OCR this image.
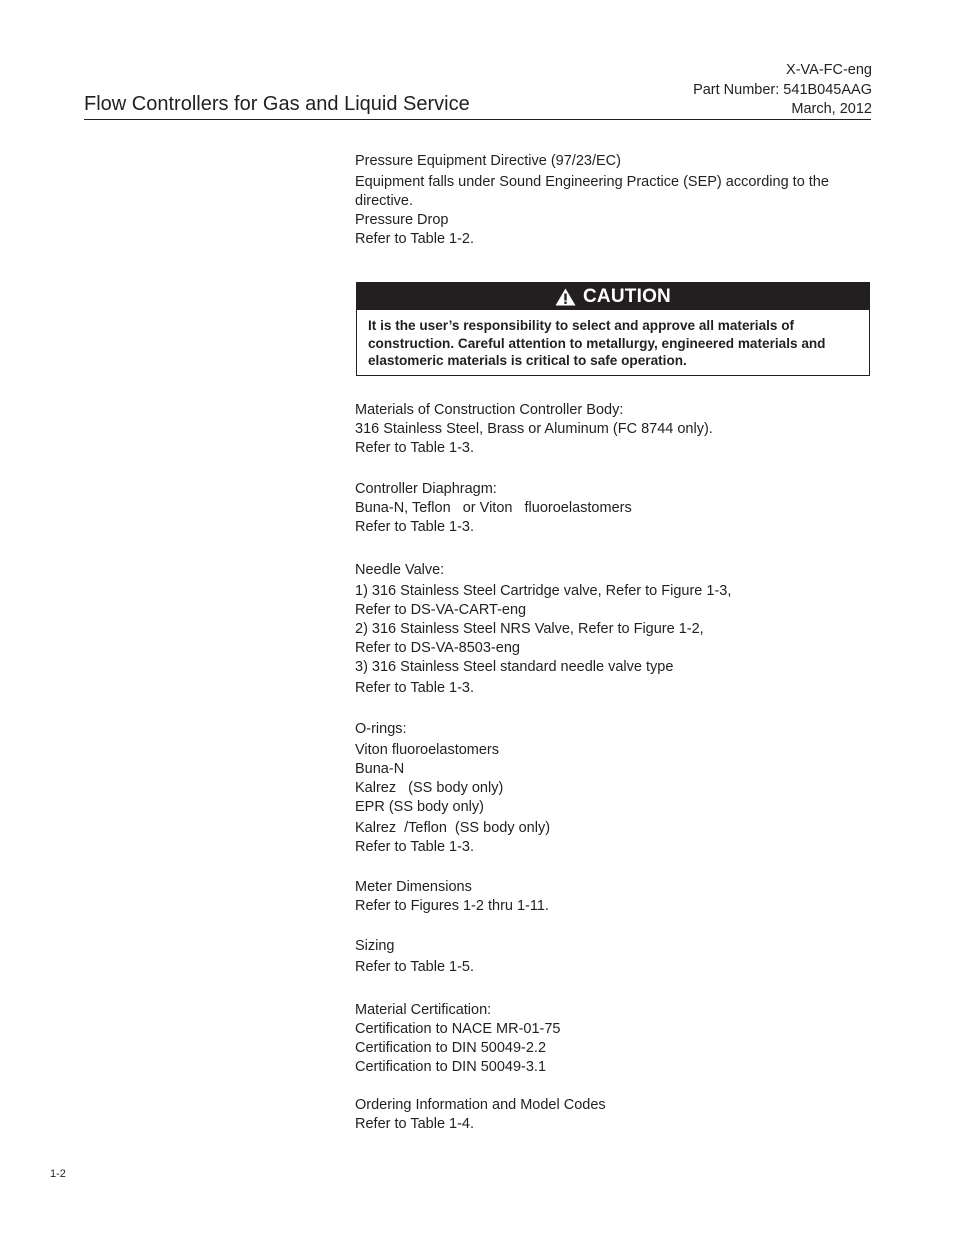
Flow Controllers for Gas and Liquid Service
X-VA-FC-eng
Part Number: 541B045AAG
March, 2012
Pressure Equipment Directive (97/23/EC)
Equipment falls under Sound Engineering Practice (SEP) according to the directive.
Pressure Drop
Refer to Table 1-2.
CAUTION
It is the user’s responsibility to select and approve all materials of construction. Careful attention to metallurgy, engineered materials and elastomeric materials is critical to safe operation.
Materials of Construction Controller Body:
316 Stainless Steel, Brass or Aluminum (FC 8744 only).
Refer to Table 1-3.
Controller Diaphragm:
Buna-N, Teflon   or Viton   fluoroelastomers
Refer to Table 1-3.
Needle Valve:
1) 316 Stainless Steel Cartridge valve, Refer to Figure 1-3,
Refer to DS-VA-CART-eng
2) 316 Stainless Steel NRS Valve, Refer to Figure 1-2,
Refer to DS-VA-8503-eng
3) 316 Stainless Steel standard needle valve type
Refer to Table 1-3.
O-rings:
Viton fluoroelastomers
Buna-N
Kalrez   (SS body only)
EPR (SS body only)
Kalrez  /Teflon  (SS body only)
Refer to Table 1-3.
Meter Dimensions
Refer to Figures 1-2 thru 1-11.
Sizing
Refer to Table 1-5.
Material Certification:
Certification to NACE MR-01-75
Certification to DIN 50049-2.2
Certification to DIN 50049-3.1
Ordering Information and Model Codes
Refer to Table 1-4.
1-2
